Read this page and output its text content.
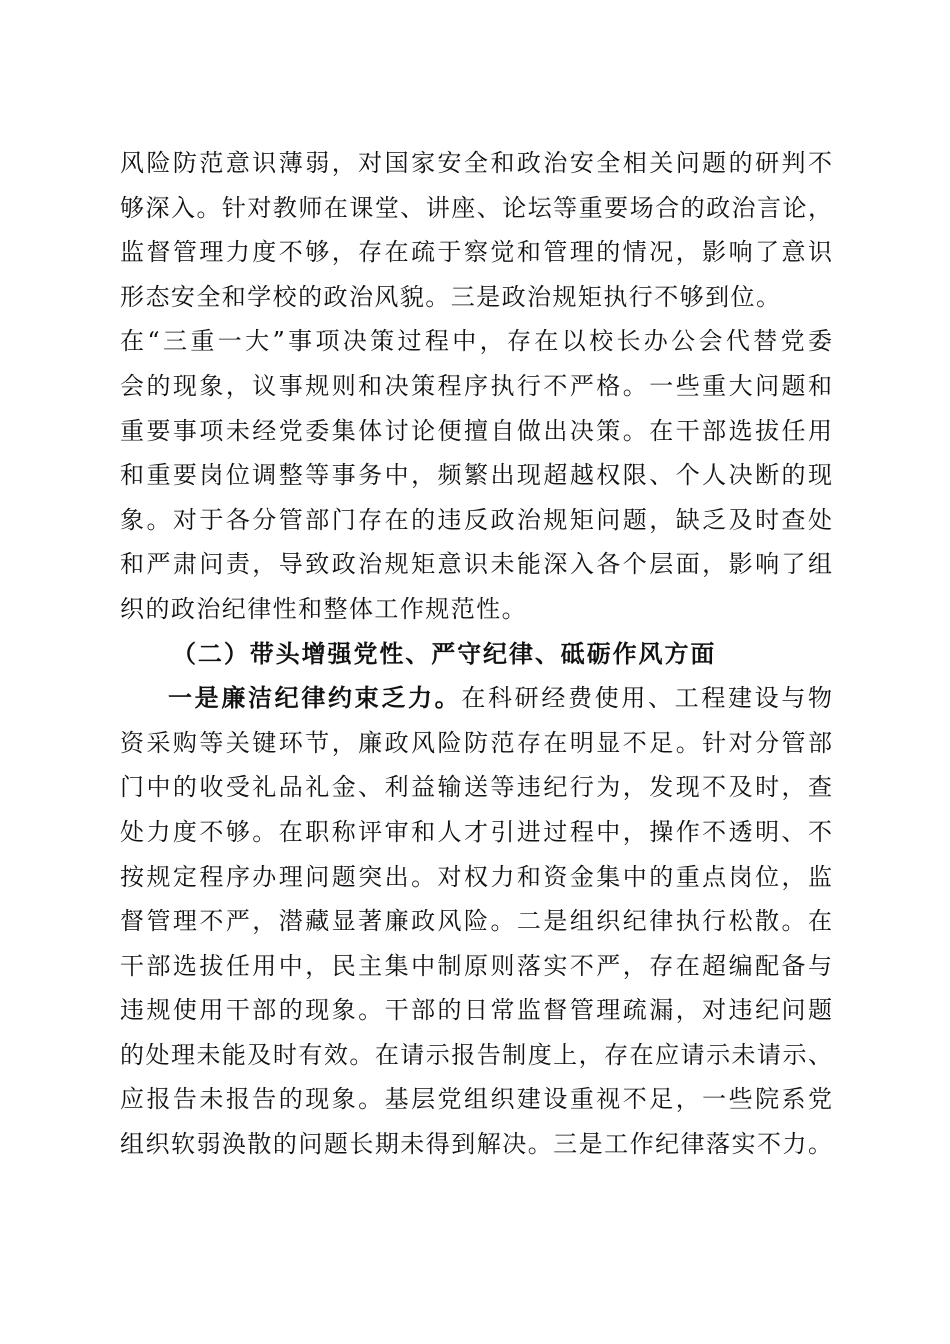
风险防范意识薄弱，对国家安全和政治安全相关问题的研判不
够深入。针对教师在课堂、讲座、论坛等重要场合的政治言论，
监督管理力度不够，存在疏于察觉和管理的情况，影响了意识
形态安全和学校的政治风貌。三是政治规矩执行不够到位。
在“三重一大”事项决策过程中，存在以校长办公会代替党委
会的现象，议事规则和决策程序执行不严格。一些重大问题和
重要事项未经党委集体讨论便擅自做出决策。在干部选拔任用
和重要岗位调整等事务中，频繁出现超越权限、个人决断的现
象。对于各分管部门存在的违反政治规矩问题，缺乏及时查处
和严肃问责，导致政治规矩意识未能深入各个层面，影响了组
织的政治纪律性和整体工作规范性。
（二）带头增强党性、严守纪律、砥砺作风方面
一是廉洁纪律约束乏力。在科研经费使用、工程建设与物
资采购等关键环节，廉政风险防范存在明显不足。针对分管部
门中的收受礼品礼金、利益输送等违纪行为，发现不及时，查
处力度不够。在职称评审和人才引进过程中，操作不透明、不
按规定程序办理问题突出。对权力和资金集中的重点岗位，监
督管理不严，潜藏显著廉政风险。二是组织纪律执行松散。在
干部选拔任用中，民主集中制原则落实不严，存在超编配备与
违规使用干部的现象。干部的日常监督管理疏漏，对违纪问题
的处理未能及时有效。在请示报告制度上，存在应请示未请示、
应报告未报告的现象。基层党组织建设重视不足，一些院系党
组织软弱涣散的问题长期未得到解决。三是工作纪律落实不力。
